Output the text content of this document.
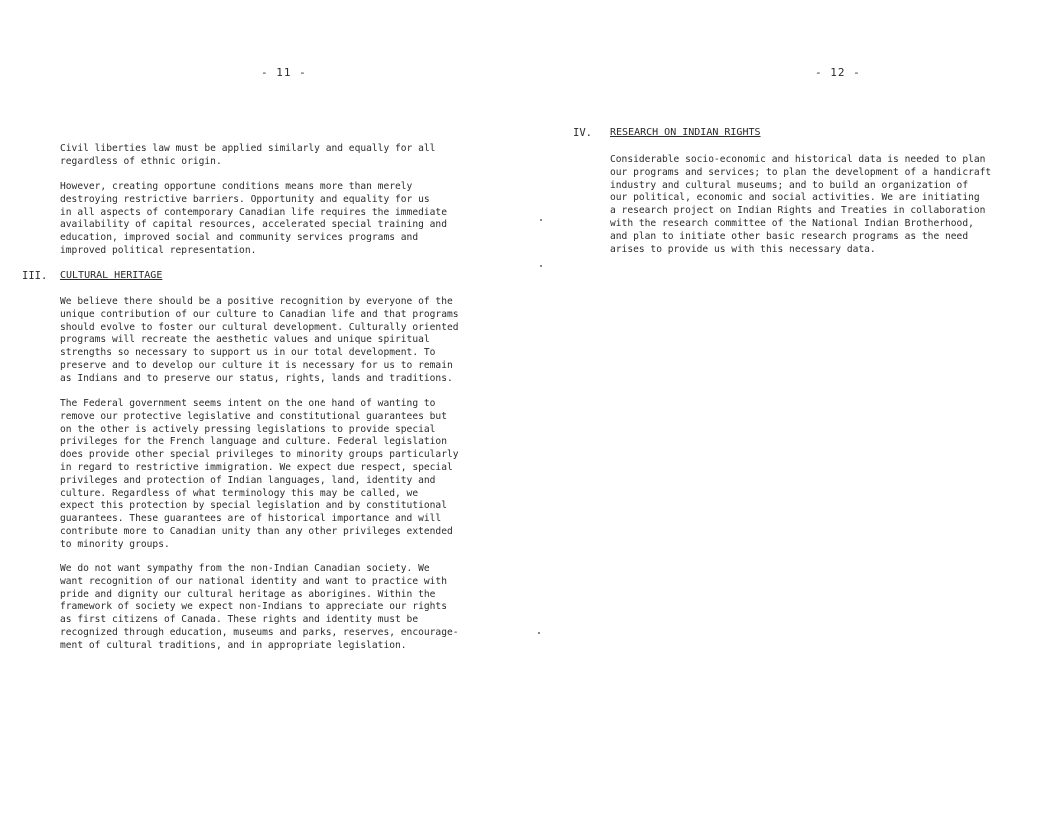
- 11 -
Civil liberties law must be applied similarly and equally for all
regardless of ethnic origin.
However, creating opportune conditions means more than merely
destroying restrictive barriers. Opportunity and equality for us
in all aspects of contemporary Canadian life requires the immediate
availability of capital resources, accelerated special training and
education, improved social and community services programs and
improved political representation.
III. CULTURAL HERITAGE
We believe there should be a positive recognition by everyone of the
unique contribution of our culture to Canadian life and that programs
should evolve to foster our cultural development. Culturally oriented
programs will recreate the aesthetic values and unique spiritual
strengths so necessary to support us in our total development. To
preserve and to develop our culture it is necessary for us to remain
as Indians and to preserve our status, rights, lands and traditions.
The Federal government seems intent on the one hand of wanting to
remove our protective legislative and constitutional guarantees but
on the other is actively pressing legislations to provide special
privileges for the French language and culture. Federal legislation
does provide other special privileges to minority groups particularly
in regard to restrictive immigration. We expect due respect, special
privileges and protection of Indian languages, land, identity and
culture. Regardless of what terminology this may be called, we
expect this protection by special legislation and by constitutional
guarantees. These guarantees are of historical importance and will
contribute more to Canadian unity than any other privileges extended
to minority groups.
We do not want sympathy from the non-Indian Canadian society. We
want recognition of our national identity and want to practice with
pride and dignity our cultural heritage as aborigines. Within the
framework of society we expect non-Indians to appreciate our rights
as first citizens of Canada. These rights and identity must be
recognized through education, museums and parks, reserves, encourage-
ment of cultural traditions, and in appropriate legislation.
- 12 -
IV. RESEARCH ON INDIAN RIGHTS
Considerable socio-economic and historical data is needed to plan
our programs and services; to plan the development of a handicraft
industry and cultural museums; and to build an organization of
our political, economic and social activities. We are initiating
a research project on Indian Rights and Treaties in collaboration
with the research committee of the National Indian Brotherhood,
and plan to initiate other basic research programs as the need
arises to provide us with this necessary data.
